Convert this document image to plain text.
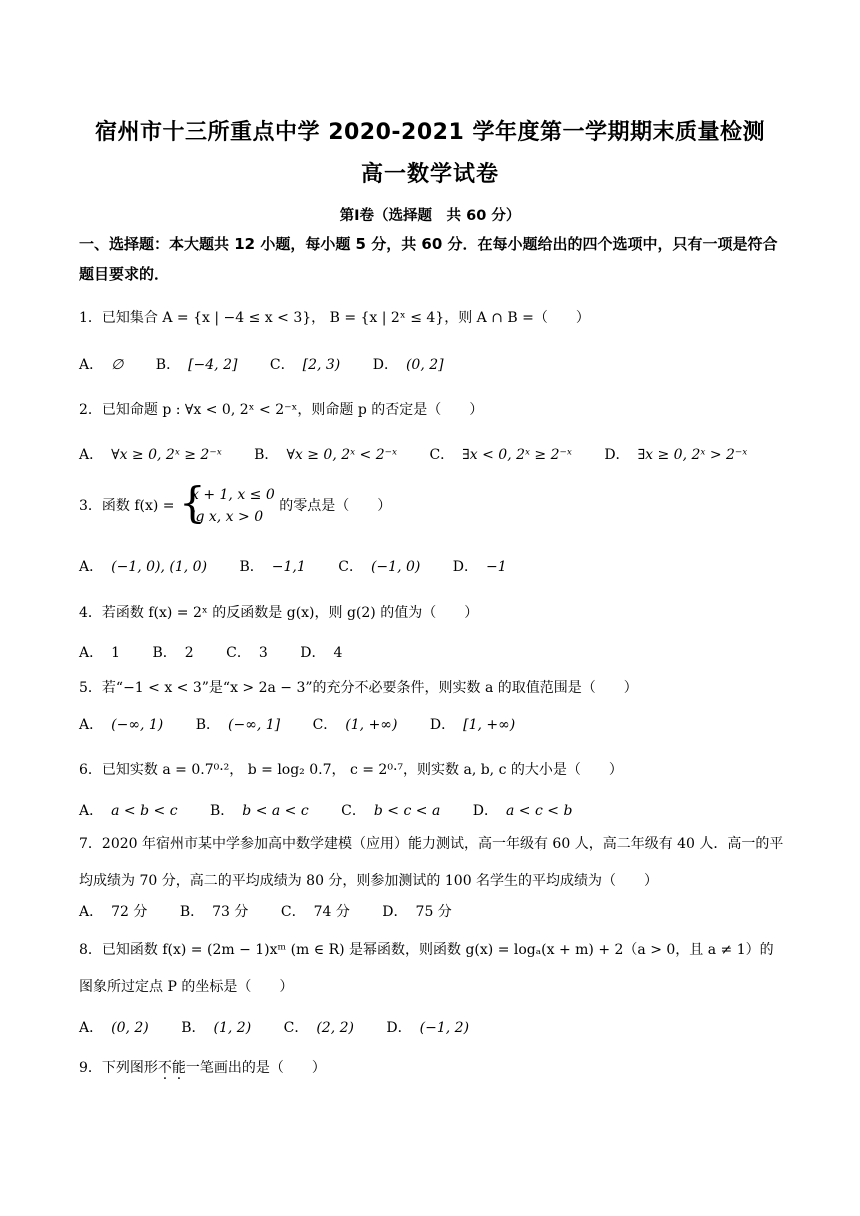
宿州市十三所重点中学 2020-2021 学年度第一学期期末质量检测
高一数学试卷
第Ⅰ卷（选择题　共 60 分）
一、选择题：本大题共 12 小题，每小题 5 分，共 60 分．在每小题给出的四个选项中，只有一项是符合题目要求的．
1．已知集合 A = {x | −4 ≤ x < 3}， B = {x | 2ˣ ≤ 4}，则 A ∩ B =（　　）
A． ∅ B． [−4, 2] C． [2, 3) D． (0, 2]
2．已知命题 p : ∀x < 0, 2ˣ < 2⁻ˣ，则命题 p 的否定是（　　）
A． ∀x ≥ 0, 2ˣ ≥ 2⁻ˣ B． ∀x ≥ 0, 2ˣ < 2⁻ˣ C． ∃x < 0, 2ˣ ≥ 2⁻ˣ D． ∃x ≥ 0, 2ˣ > 2⁻ˣ
3．函数 f(x) = {
x + 1, x ≤ 0
lg x, x > 0
的零点是（　　）
A． (−1, 0), (1, 0) B． −1,1 C． (−1, 0) D． −1
4．若函数 f(x) = 2ˣ 的反函数是 g(x)，则 g(2) 的值为（　　）
A． 1 B． 2 C． 3 D． 4
5．若“−1 < x < 3”是“x > 2a − 3”的充分不必要条件，则实数 a 的取值范围是（　　）
A． (−∞, 1) B． (−∞, 1] C． (1, +∞) D． [1, +∞)
6．已知实数 a = 0.7⁰·²， b = log₂ 0.7， c = 2⁰·⁷，则实数 a, b, c 的大小是（　　）
A． a < b < c B． b < a < c C． b < c < a D． a < c < b
7．2020 年宿州市某中学参加高中数学建模（应用）能力测试，高一年级有 60 人，高二年级有 40 人．高一的平均成绩为 70 分，高二的平均成绩为 80 分，则参加测试的 100 名学生的平均成绩为（　　）
A． 72 分 B． 73 分 C． 74 分 D． 75 分
8．已知函数 f(x) = (2m − 1)xᵐ (m ∈ R) 是幂函数，则函数 g(x) = logₐ(x + m) + 2（a > 0，且 a ≠ 1）的图象所过定点 P 的坐标是（　　）
A． (0, 2) B． (1, 2) C． (2, 2) D． (−1, 2)
9．下列图形不能一笔画出的是（　　）
